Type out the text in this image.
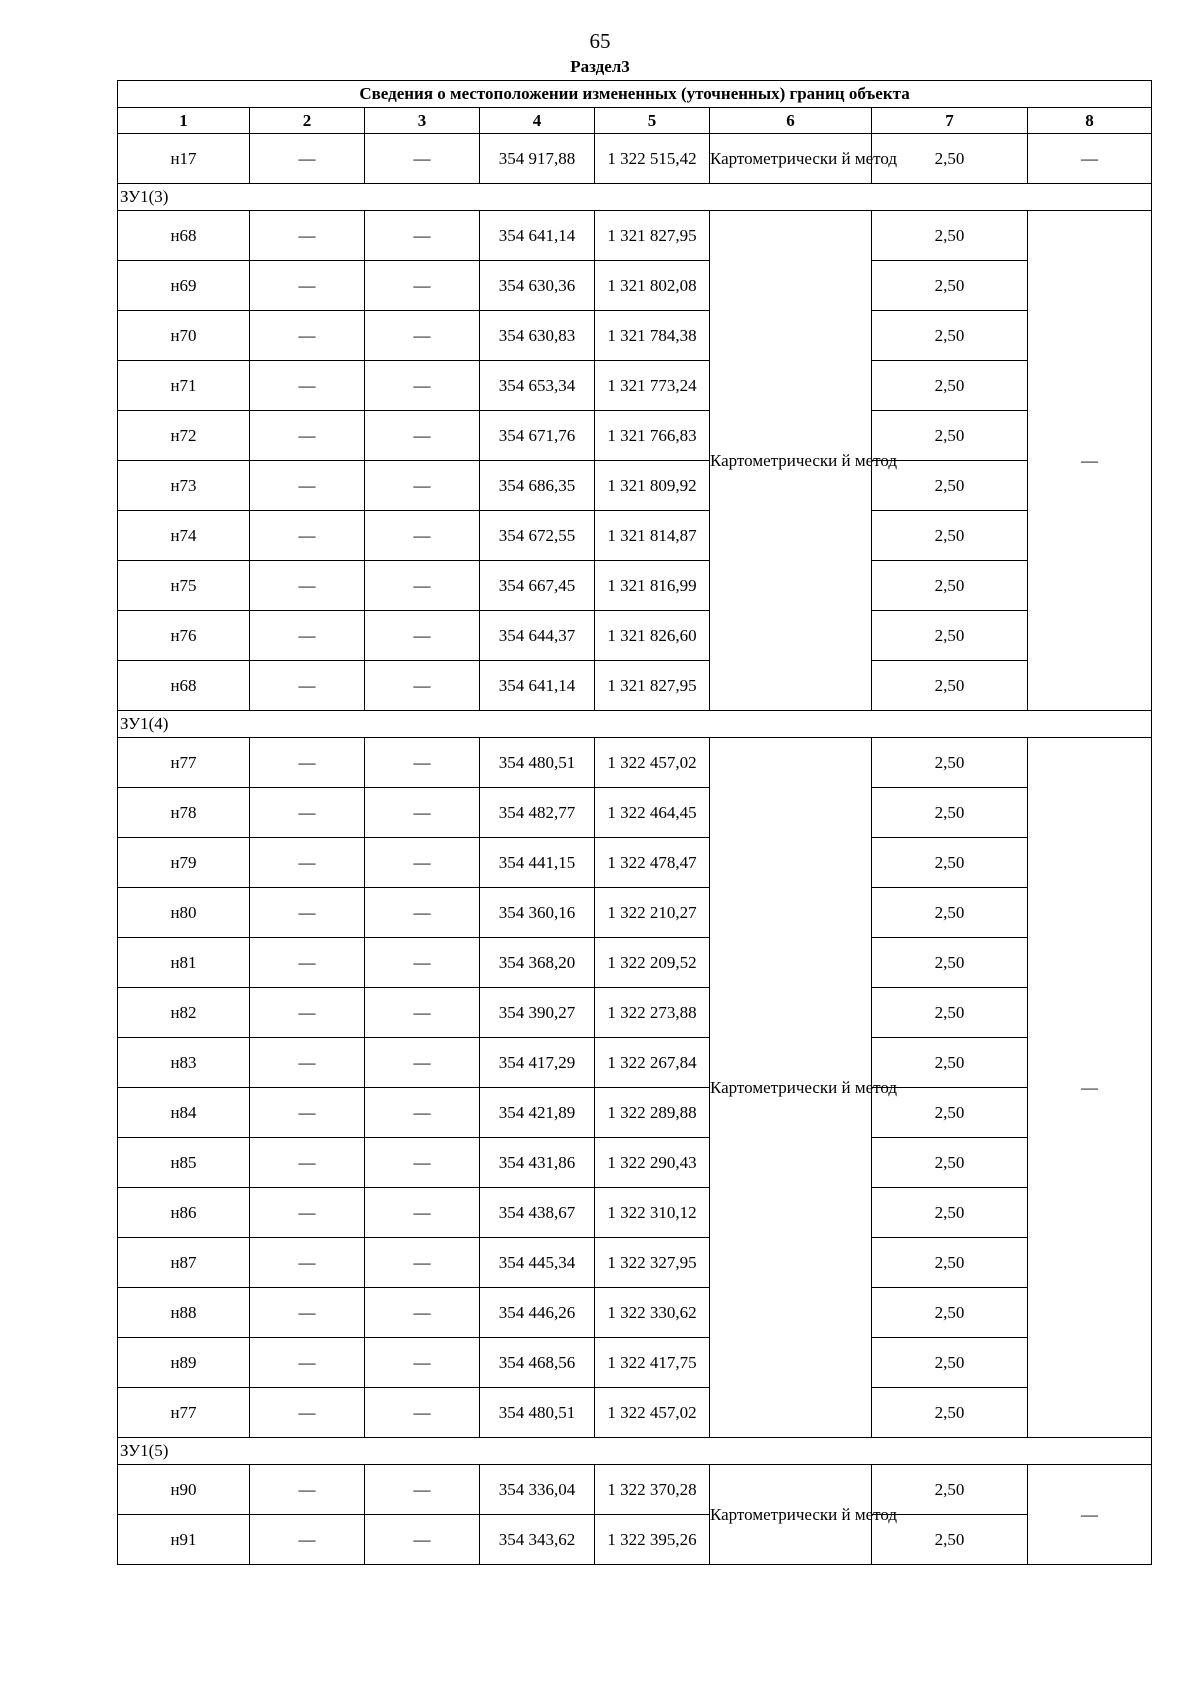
65
Раздел3
Сведения о местоположении измененных (уточненных) границ объекта							
1	2	3	4	5	6	7	8
н17	—	—	354 917,88	1 322 515,42	Картометрически й метод	2,50	—
ЗУ1(3)							
н68	—	—	354 641,14	1 321 827,95	Картометрически й метод	2,50	—
н69	—	—	354 630,36	1 321 802,08		2,50	
н70	—	—	354 630,83	1 321 784,38		2,50	
н71	—	—	354 653,34	1 321 773,24		2,50	
н72	—	—	354 671,76	1 321 766,83		2,50	
н73	—	—	354 686,35	1 321 809,92		2,50	
н74	—	—	354 672,55	1 321 814,87		2,50	
н75	—	—	354 667,45	1 321 816,99		2,50	
н76	—	—	354 644,37	1 321 826,60		2,50	
н68	—	—	354 641,14	1 321 827,95		2,50	
ЗУ1(4)							
н77	—	—	354 480,51	1 322 457,02	Картометрически й метод	2,50	—
н78	—	—	354 482,77	1 322 464,45		2,50	
н79	—	—	354 441,15	1 322 478,47		2,50	
н80	—	—	354 360,16	1 322 210,27		2,50	
н81	—	—	354 368,20	1 322 209,52		2,50	
н82	—	—	354 390,27	1 322 273,88		2,50	
н83	—	—	354 417,29	1 322 267,84		2,50	
н84	—	—	354 421,89	1 322 289,88		2,50	
н85	—	—	354 431,86	1 322 290,43		2,50	
н86	—	—	354 438,67	1 322 310,12		2,50	
н87	—	—	354 445,34	1 322 327,95		2,50	
н88	—	—	354 446,26	1 322 330,62		2,50	
н89	—	—	354 468,56	1 322 417,75		2,50	
н77	—	—	354 480,51	1 322 457,02		2,50	
ЗУ1(5)							
н90	—	—	354 336,04	1 322 370,28	Картометрически й метод	2,50	—
н91	—	—	354 343,62	1 322 395,26		2,50	
